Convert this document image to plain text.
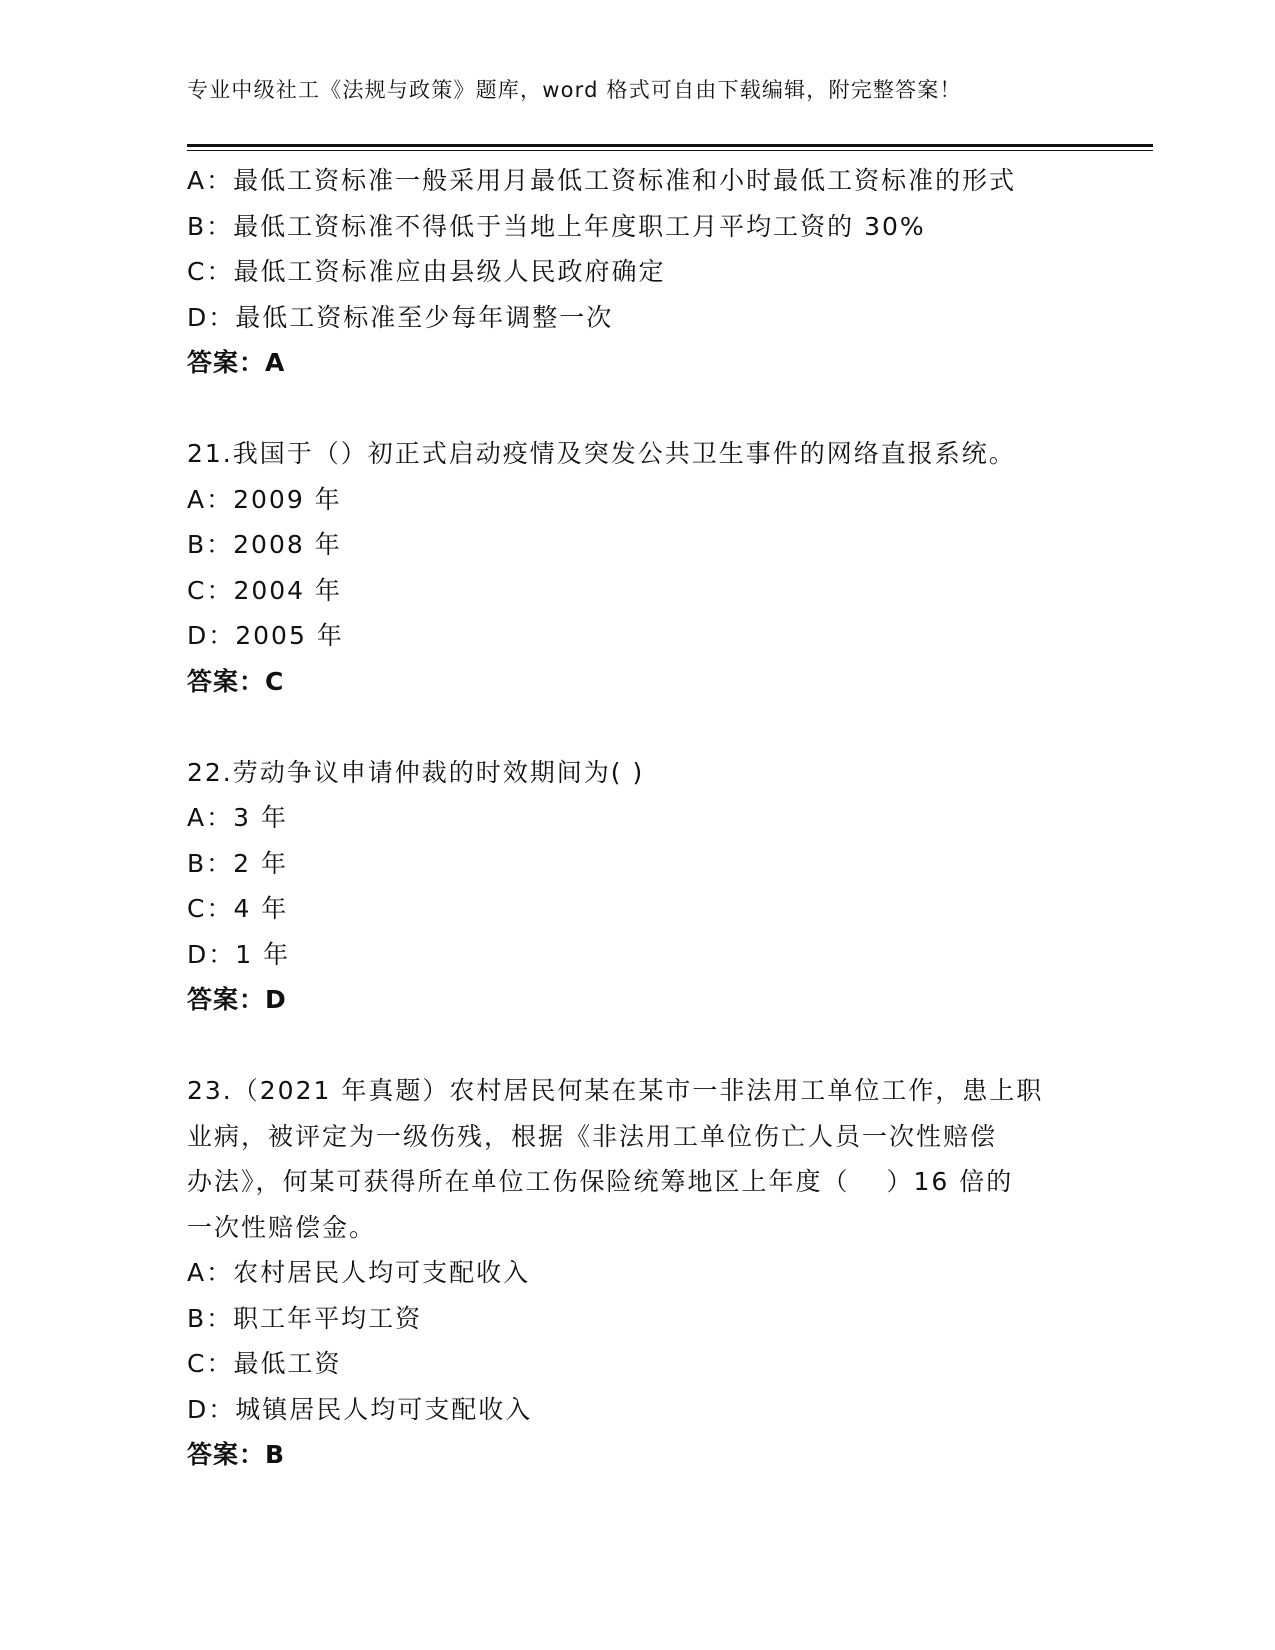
专业中级社工《法规与政策》题库，word 格式可自由下载编辑，附完整答案！
A：最低工资标准一般采用月最低工资标准和小时最低工资标准的形式
B：最低工资标准不得低于当地上年度职工月平均工资的 30%
C：最低工资标准应由县级人民政府确定
D：最低工资标准至少每年调整一次
答案：A
21.我国于（）初正式启动疫情及突发公共卫生事件的网络直报系统。
A：2009 年
B：2008 年
C：2004 年
D：2005 年
答案：C
22.劳动争议申请仲裁的时效期间为( )
A：3 年
B：2 年
C：4 年
D：1 年
答案：D
23.（2021 年真题）农村居民何某在某市一非法用工单位工作，患上职
业病，被评定为一级伤残，根据《非法用工单位伤亡人员一次性赔偿
办法》，何某可获得所在单位工伤保险统筹地区上年度（　 ）16 倍的
一次性赔偿金。
A：农村居民人均可支配收入
B：职工年平均工资
C：最低工资
D：城镇居民人均可支配收入
答案：B
